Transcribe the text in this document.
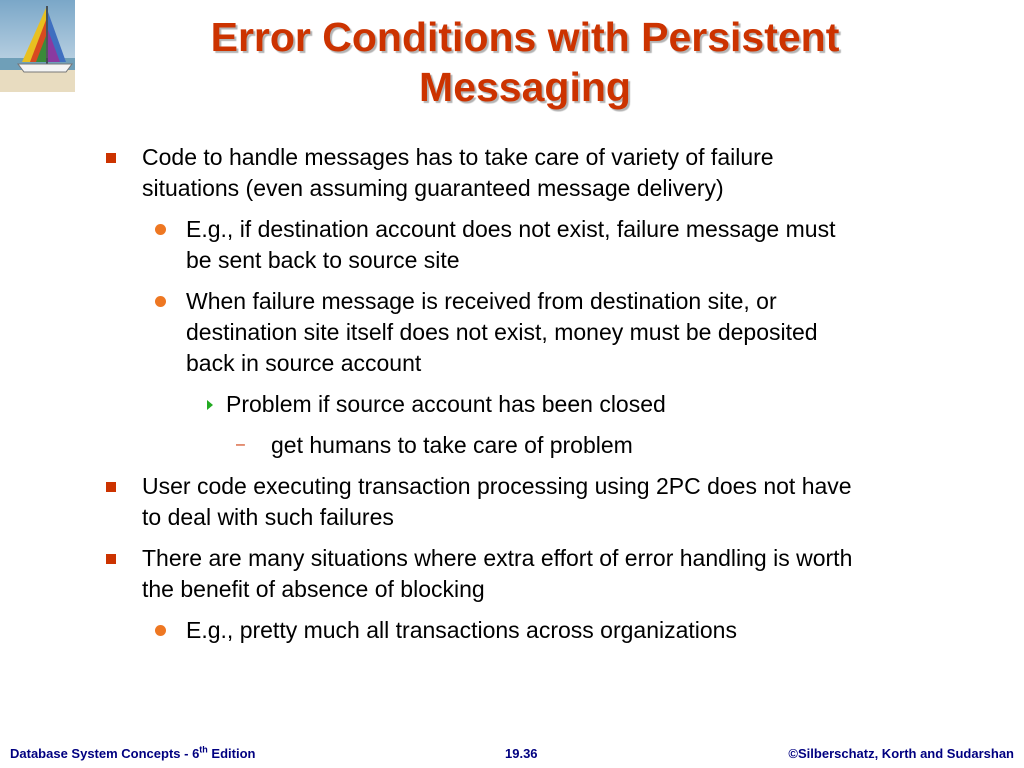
Error Conditions with Persistent
Messaging
Code to handle messages has to take care of variety of failure
situations (even assuming guaranteed message delivery)
E.g., if destination account does not exist, failure message must
be sent back to source site
When failure message is received from destination site, or
destination site itself does not exist, money must be deposited
back in source account
Problem if source account has been closed
– get humans to take care of problem
User code executing transaction processing using 2PC does not have
to deal with such failures
There are many situations where extra effort of error handling is worth
the benefit of absence of blocking
E.g., pretty much all transactions across organizations
Database System Concepts - 6th Edition	19.36	©Silberschatz, Korth and Sudarshan
